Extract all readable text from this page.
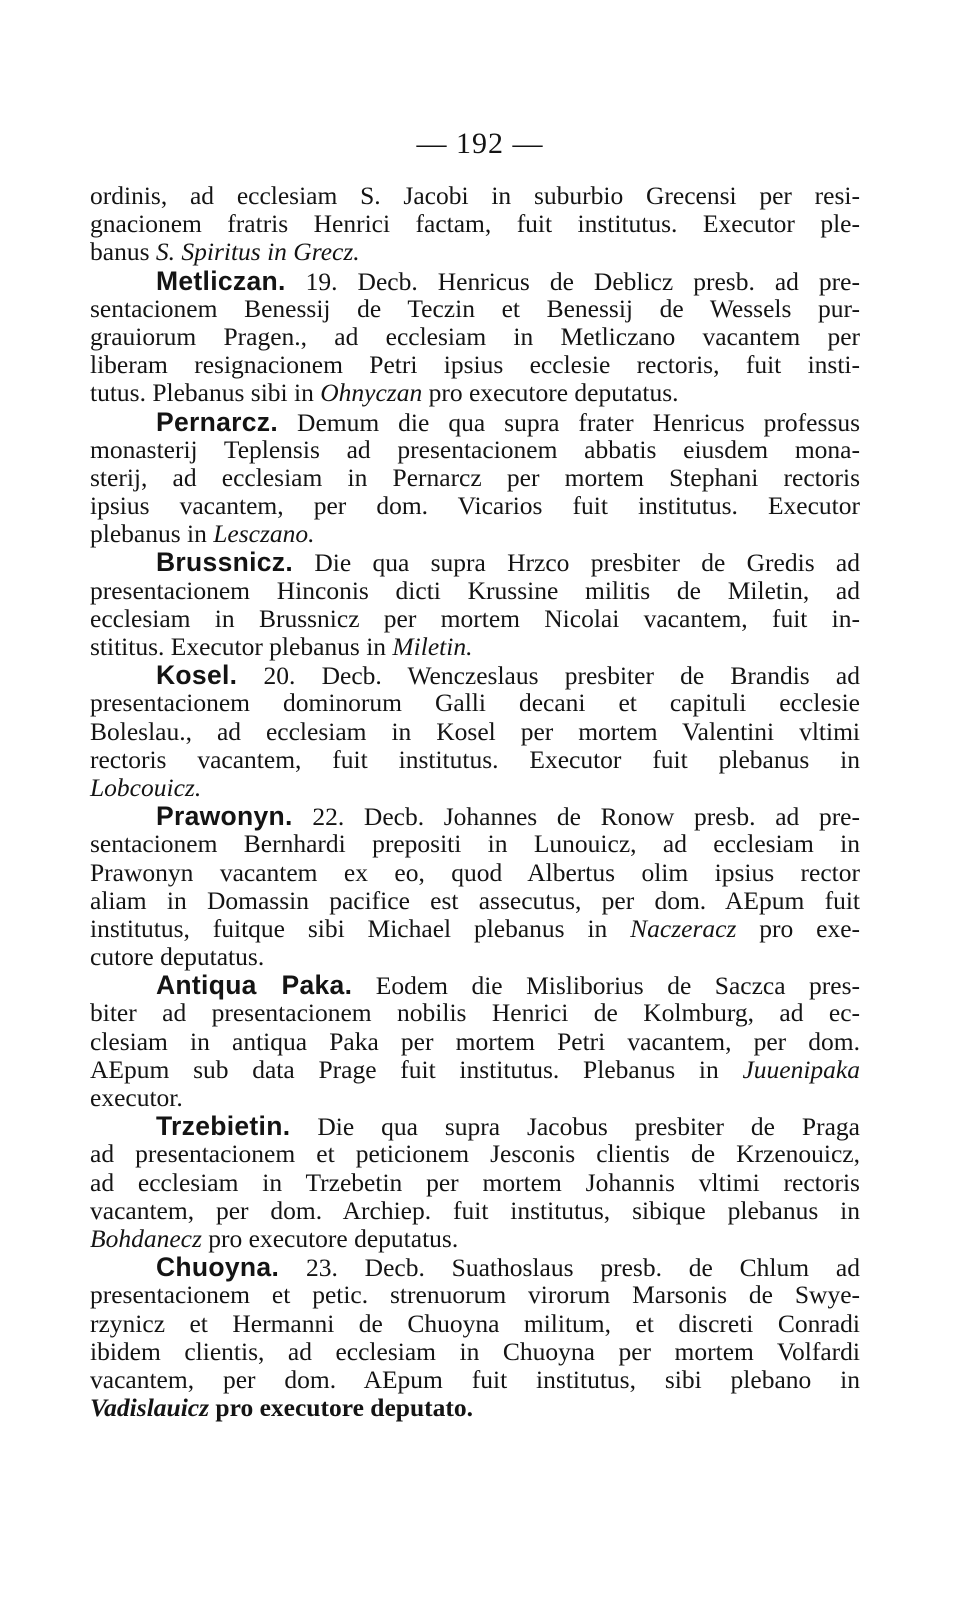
— 192 —
ordinis, ad ecclesiam S. Jacobi in suburbio Grecensi per resi-
gnacionem fratris Henrici factam, fuit institutus. Executor ple-
banus S. Spiritus in Grecz.
Metliczan. 19. Decb. Henricus de Deblicz presb. ad pre-
sentacionem Benessij de Teczin et Benessij de Wessels pur-
grauiorum Pragen., ad ecclesiam in Metliczano vacantem per
liberam resignacionem Petri ipsius ecclesie rectoris, fuit insti-
tutus. Plebanus sibi in Ohnyczan pro executore deputatus.
Pernarcz. Demum die qua supra frater Henricus professus
monasterij Teplensis ad presentacionem abbatis eiusdem mona-
sterij, ad ecclesiam in Pernarcz per mortem Stephani rectoris
ipsius vacantem, per dom. Vicarios fuit institutus. Executor
plebanus in Lesczano.
Brussnicz. Die qua supra Hrzco presbiter de Gredis ad
presentacionem Hinconis dicti Krussine militis de Miletin, ad
ecclesiam in Brussnicz per mortem Nicolai vacantem, fuit in-
stititus. Executor plebanus in Miletin.
Kosel. 20. Decb. Wenczeslaus presbiter de Brandis ad
presentacionem dominorum Galli decani et capituli ecclesie
Boleslau., ad ecclesiam in Kosel per mortem Valentini vltimi
rectoris vacantem, fuit institutus. Executor fuit plebanus in
Lobcouicz.
Prawonyn. 22. Decb. Johannes de Ronow presb. ad pre-
sentacionem Bernhardi prepositi in Lunouicz, ad ecclesiam in
Prawonyn vacantem ex eo, quod Albertus olim ipsius rector
aliam in Domassin pacifice est assecutus, per dom. AEpum fuit
institutus, fuitque sibi Michael plebanus in Naczeracz pro exe-
cutore deputatus.
Antiqua Paka. Eodem die Misliborius de Saczca pres-
biter ad presentacionem nobilis Henrici de Kolmburg, ad ec-
clesiam in antiqua Paka per mortem Petri vacantem, per dom.
AEpum sub data Prage fuit institutus. Plebanus in Juuenipaka
executor.
Trzebietin. Die qua supra Jacobus presbiter de Praga
ad presentacionem et peticionem Jesconis clientis de Krzenouicz,
ad ecclesiam in Trzebetin per mortem Johannis vltimi rectoris
vacantem, per dom. Archiep. fuit institutus, sibique plebanus in
Bohdanecz pro executore deputatus.
Chuoyna. 23. Decb. Suathoslaus presb. de Chlum ad
presentacionem et petic. strenuorum virorum Marsonis de Swye-
rzynicz et Hermanni de Chuoyna militum, et discreti Conradi
ibidem clientis, ad ecclesiam in Chuoyna per mortem Volfardi
vacantem, per dom. AEpum fuit institutus, sibi plebano in
Vadislauicz pro executore deputato.
